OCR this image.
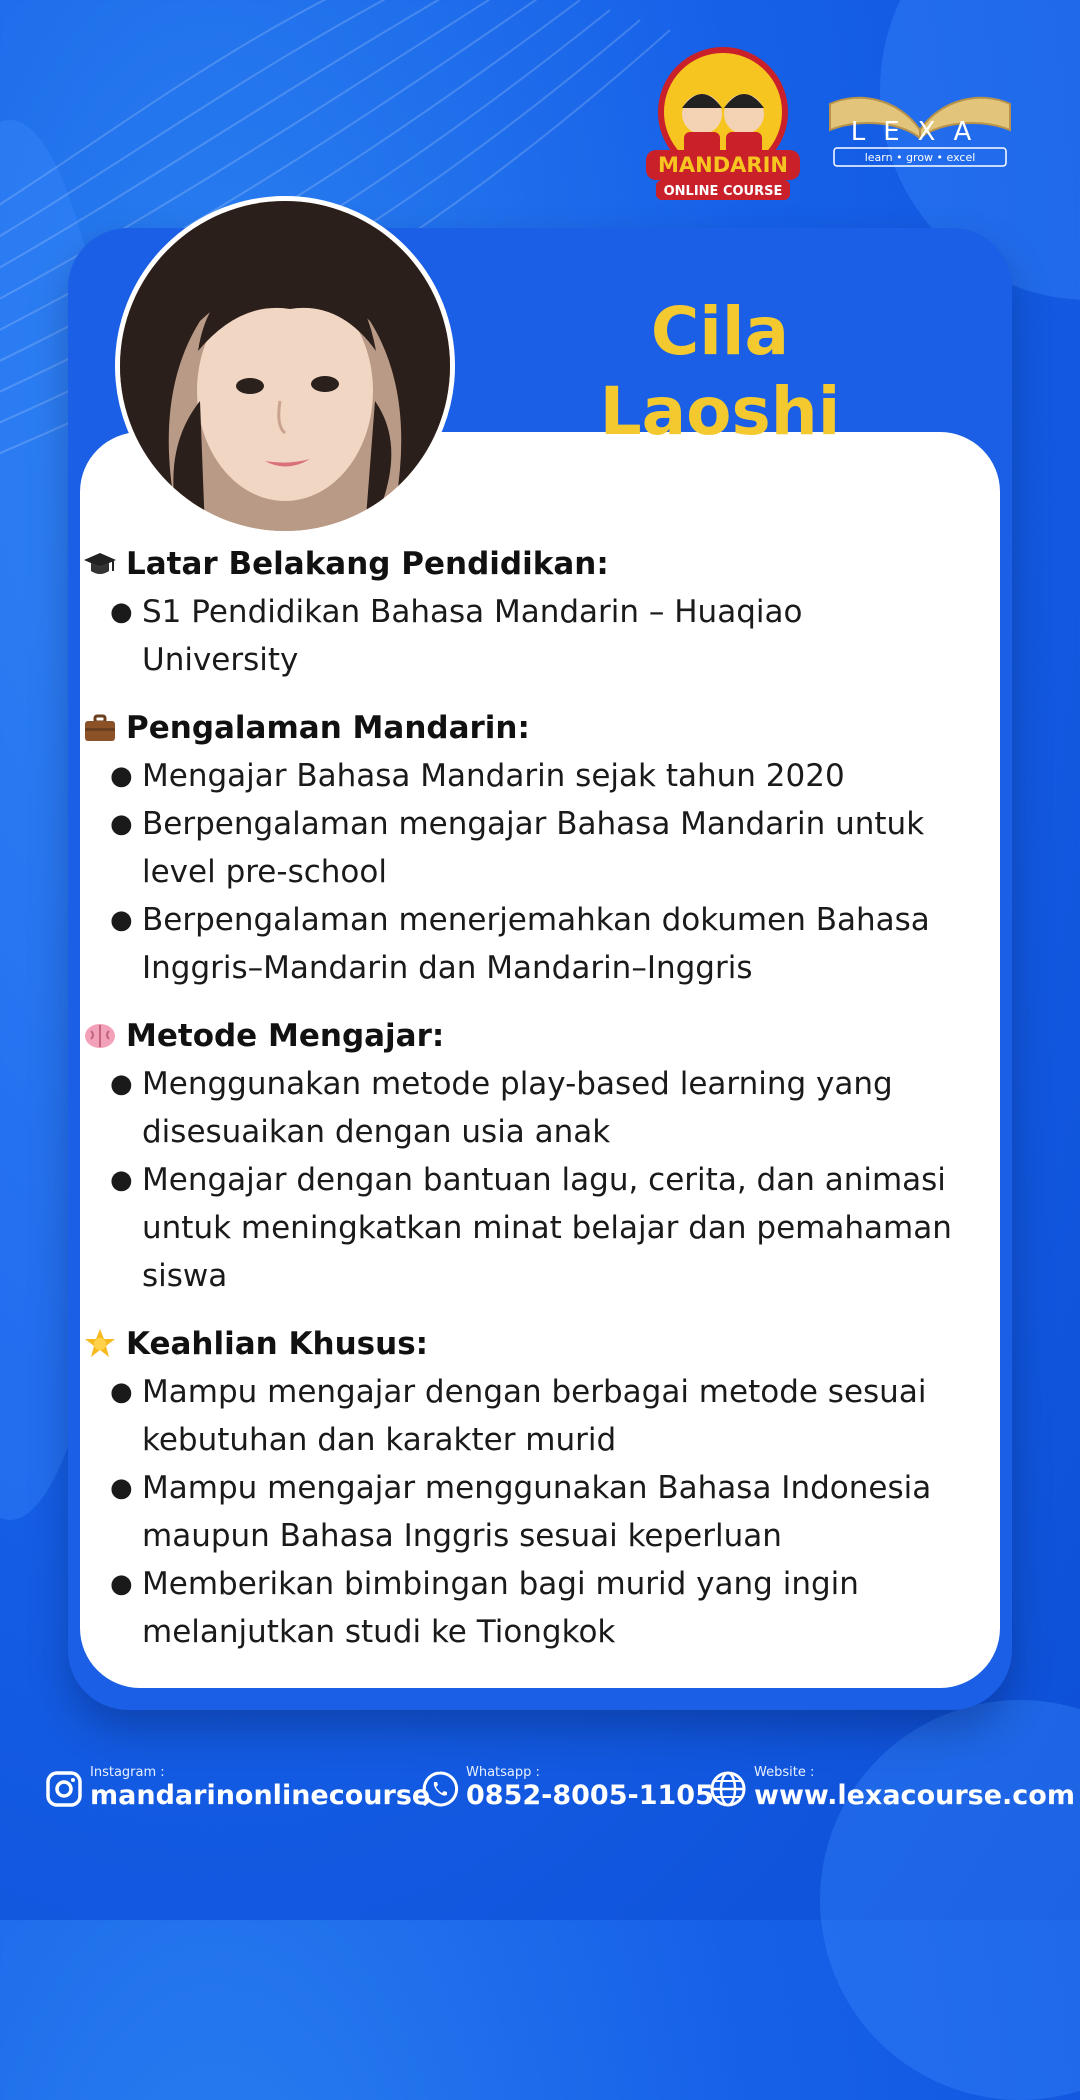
MANDARIN
ONLINE COURSE
LEXA
learn • grow • excel
Cila Laoshi
Latar Belakang Pendidikan:
● S1 Pendidikan Bahasa Mandarin – Huaqiao University
Pengalaman Mandarin:
● Mengajar Bahasa Mandarin sejak tahun 2020
● Berpengalaman mengajar Bahasa Mandarin untuk level pre-school
● Berpengalaman menerjemahkan dokumen Bahasa Inggris–Mandarin dan Mandarin–Inggris
Metode Mengajar:
● Menggunakan metode play-based learning yang disesuaikan dengan usia anak
● Mengajar dengan bantuan lagu, cerita, dan animasi untuk meningkatkan minat belajar dan pemahaman siswa
Keahlian Khusus:
● Mampu mengajar dengan berbagai metode sesuai kebutuhan dan karakter murid
● Mampu mengajar menggunakan Bahasa Indonesia maupun Bahasa Inggris sesuai keperluan
● Memberikan bimbingan bagi murid yang ingin melanjutkan studi ke Tiongkok
Instagram :
mandarinonlinecourse
Whatsapp :
0852-8005-1105
Website :
www.lexacourse.com
